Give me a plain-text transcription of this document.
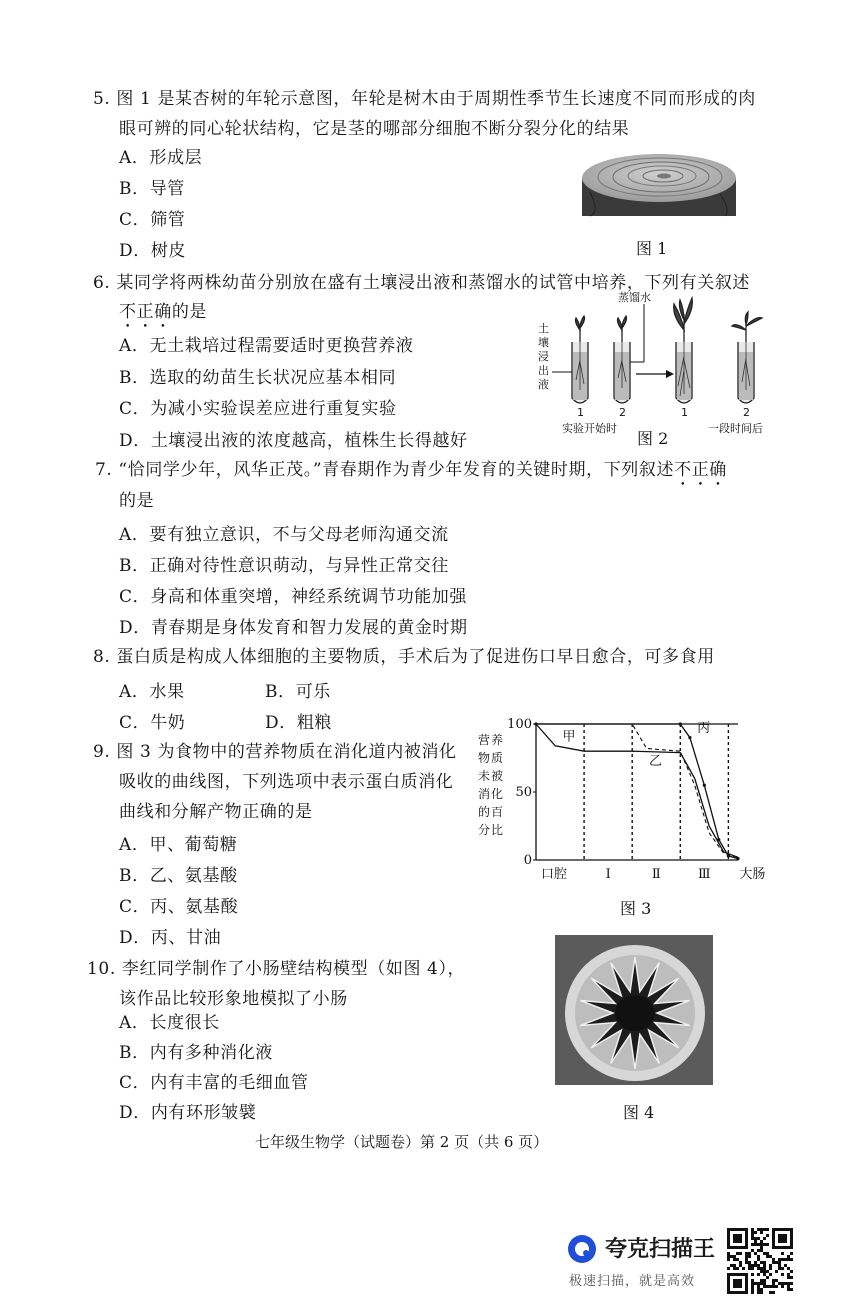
5. 图 1 是某杏树的年轮示意图，年轮是树木由于周期性季节生长速度不同而形成的肉
眼可辨的同心轮状结构，它是茎的哪部分细胞不断分裂分化的结果
A．形成层
B．导管
C．筛管
D．树皮	图 1
6. 某同学将两株幼苗分别放在盛有土壤浸出液和蒸馏水的试管中培养，下列有关叙述
不正确的是
A．无土栽培过程需要适时更换营养液
B．选取的幼苗生长状况应基本相同
C．为减小实验误差应进行重复实验
D．土壤浸出液的浓度越高，植株生长得越好
蒸馏水
土
壤
浸
出
液
1	2	1	2
实验开始时	一段时间后
图 2
7. “恰同学少年，风华正茂。”青春期作为青少年发育的关键时期，下列叙述不正确
的是
A．要有独立意识，不与父母老师沟通交流
B．正确对待性意识萌动，与异性正常交往
C．身高和体重突增，神经系统调节功能加强
D．青春期是身体发育和智力发展的黄金时期
8. 蛋白质是构成人体细胞的主要物质，手术后为了促进伤口早日愈合，可多食用
A．水果	B．可乐
C．牛奶	D．粗粮
9. 图 3 为食物中的营养物质在消化道内被消化
吸收的曲线图，下列选项中表示蛋白质消化
曲线和分解产物正确的是
A．甲、葡萄糖
B．乙、氨基酸
C．丙、氨基酸
D．丙、甘油
营 养
物 质
未 被
消 化
的 百
分 比
100
50
0
口腔	Ⅰ	Ⅱ	Ⅲ 大肠
甲
乙
丙
图 3
10. 李红同学制作了小肠壁结构模型（如图 4），
该作品比较形象地模拟了小肠
A．长度很长
B．内有多种消化液
C．内有丰富的毛细血管
D．内有环形皱襞	图 4
七年级生物学（试题卷）第 2 页（共 6 页）
夸克扫描王
极速扫描，就是高效
